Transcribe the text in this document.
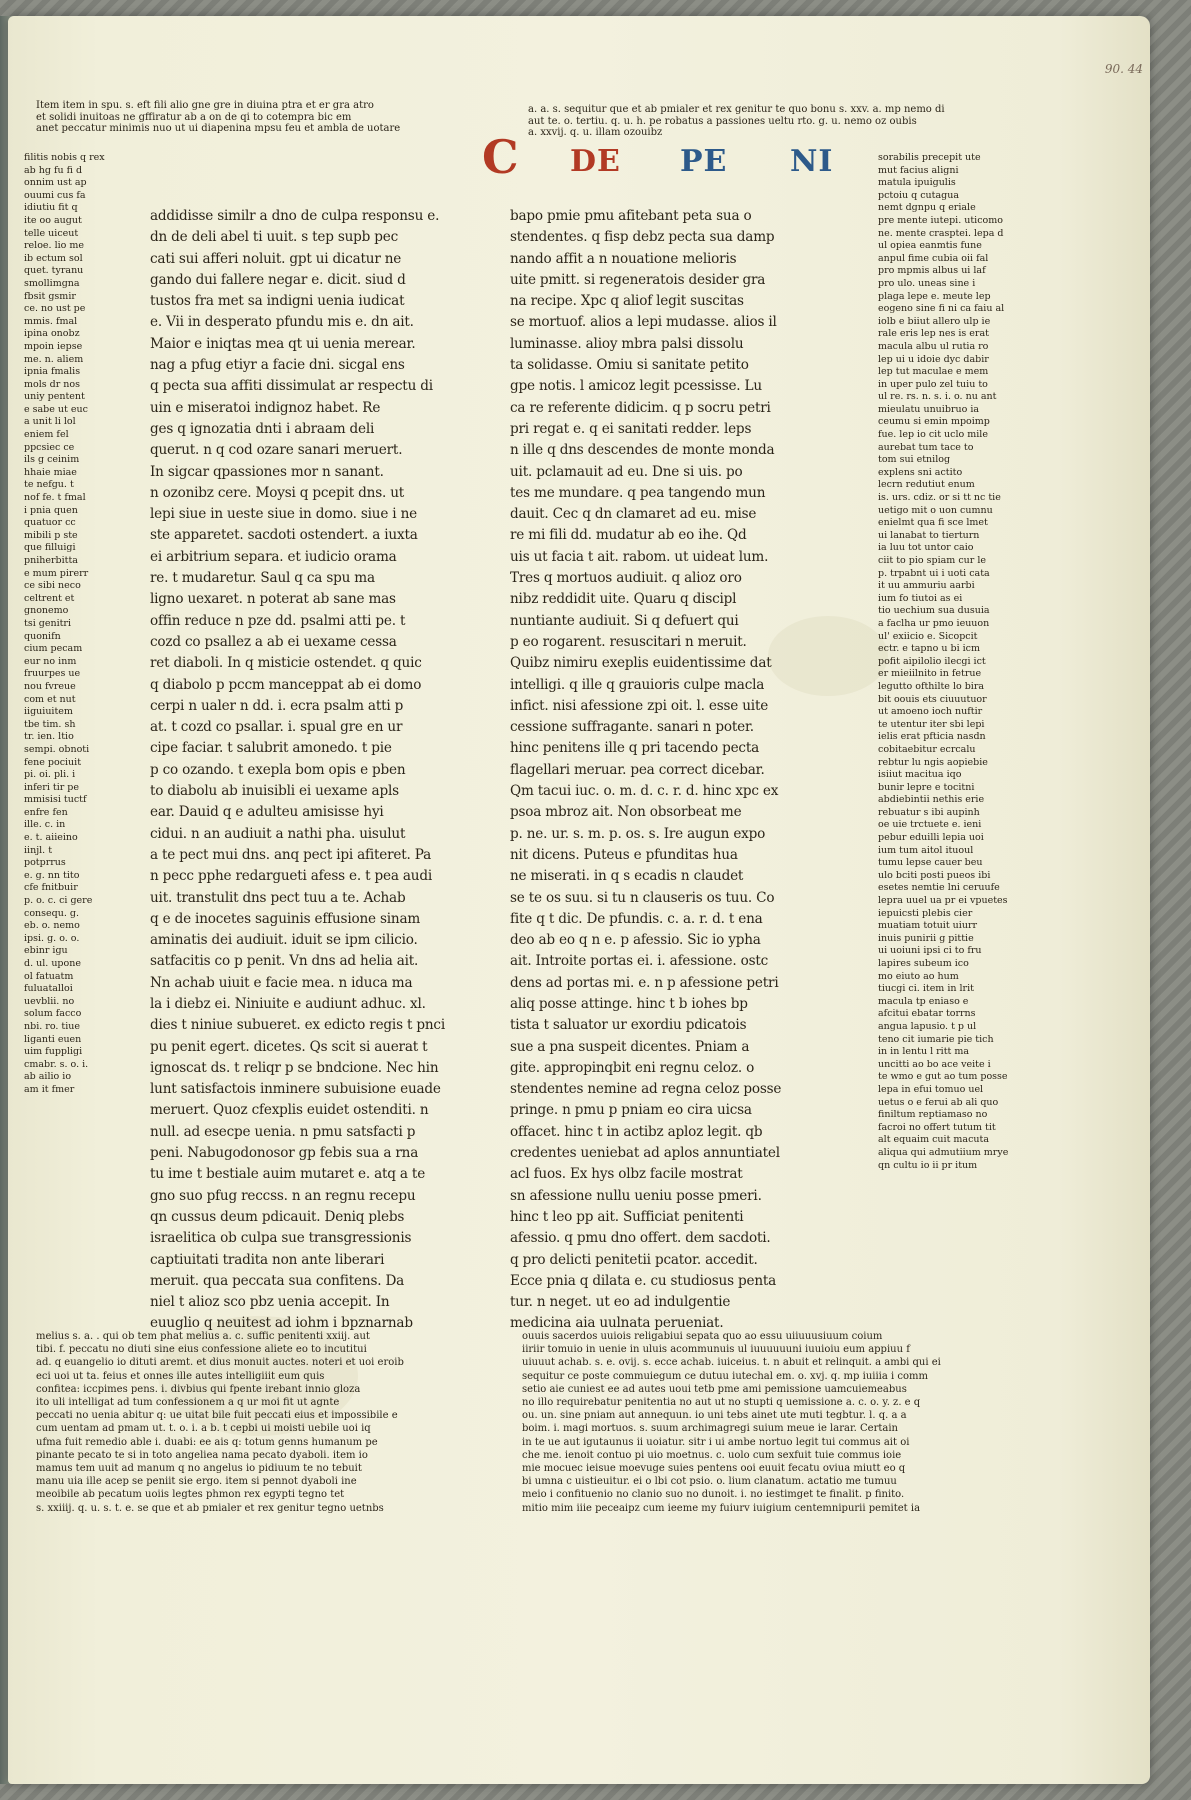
90. 44

Item item in spu. s. eft fili alio gne gre in diuina ptra et er gra atro

et solidi inuitoas ne gffiratur ab a on de qi to cotempra bic em

anet peccatur minimis nuo ut ui diapenina mpsu feu et ambla de uotare

a. a. s. sequitur que et ab pmialer et rex genitur te quo bonu s. xxv. a. mp nemo di

aut te. o. tertiu. q. u. h. pe robatus a passiones ueltu rto. g. u. nemo oz oubis

a. xxvij. q. u. illam ozouibz

C DE PE NI

filitis nobis q rex

ab hg fu fi d

onnim ust ap

ouumi cus fa

idiutiu fit q

ite oo augut

telle uiceut

reloe. lio me

ib ectum sol

quet. tyranu

smollimgna

fbsit gsmir

ce. no ust pe

mmis. fmal

ipina onobz

mpoin iepse

me. n. aliem

ipnia fmalis

mols dr nos

uniy pentent

e sabe ut euc

a unit li lol

eniem fel

ppcsiec ce

ils g ceinim

hhaie miae

te nefgu. t

nof fe. t fmal

i pnia quen

quatuor cc

mibili p ste

que filluigi

pniherbitta

e mum pirerr

ce sibi neco

celtrent et

gnonemo

tsi genitri

quonifn

cium pecam

eur no inm

fruurpes ue

nou fvreue

com et nut

iiguiuitem

tbe tim. sh

tr. ien. ltio

sempi. obnoti

fene pociuit

pi. oi. pli. i

inferi tir pe

mmisisi tuctf

enfre fen

ille. c. in

e. t. aiieino

iinjl. t

potprrus

e. g. nn tito

cfe fnitbuir

p. o. c. ci gere

consequ. g.

eb. o. nemo

ipsi. g. o. o.

ebinr igu

d. ul. upone

ol fatuatm

fuluatalloi

uevblii. no

solum facco

nbi. ro. tiue

liganti euen

uim fuppligi

cmabr. s. o. i.

ab ailio io

am it fmer

addidisse similr a dno de culpa responsu e.

dn de deli abel ti uuit. s tep supb pec

cati sui afferi noluit. gpt ui dicatur ne

gando dui fallere negar e. dicit. siud d

tustos fra met sa indigni uenia iudicat

e. Vii in desperato pfundu mis e. dn ait.

Maior e iniqtas mea qt ui uenia merear.

nag a pfug etiyr a facie dni. sicgal ens

q pecta sua affiti dissimulat ar respectu di

uin e miseratoi indignoz habet. Re

ges q ignozatia dnti i abraam deli

querut. n q cod ozare sanari meruert.

In sigcar qpassiones mor n sanant.

n ozonibz cere. Moysi q pcepit dns. ut

lepi siue in ueste siue in domo. siue i ne

ste apparetet. sacdoti ostendert. a iuxta

ei arbitrium separa. et iudicio orama

re. t mudaretur. Saul q ca spu ma

ligno uexaret. n poterat ab sane mas

offin reduce n pze dd. psalmi atti pe. t

cozd co psallez a ab ei uexame cessa

ret diaboli. In q misticie ostendet. q quic

q diabolo p pccm manceppat ab ei domo

cerpi n ualer n dd. i. ecra psalm atti p

at. t cozd co psallar. i. spual gre en ur

cipe faciar. t salubrit amonedo. t pie

p co ozando. t exepla bom opis e pben

to diabolu ab inuisibli ei uexame apls

ear. Dauid q e adulteu amisisse hyi

cidui. n an audiuit a nathi pha. uisulut

a te pect mui dns. anq pect ipi afiteret. Pa

n pecc pphe redargueti afess e. t pea audi

uit. transtulit dns pect tuu a te. Achab

q e de inocetes saguinis effusione sinam

aminatis dei audiuit. iduit se ipm cilicio.

satfacitis co p penit. Vn dns ad helia ait.

Nn achab uiuit e facie mea. n iduca ma

la i diebz ei. Niniuite e audiunt adhuc. xl.

dies t niniue subueret. ex edicto regis t pnci

pu penit egert. dicetes. Qs scit si auerat t

ignoscat ds. t reliqr p se bndcione. Nec hin

lunt satisfactois inminere subuisione euade

meruert. Quoz cfexplis euidet ostenditi. n

null. ad esecpe uenia. n pmu satsfacti p

peni. Nabugodonosor gp febis sua a rna

tu ime t bestiale auim mutaret e. atq a te

gno suo pfug reccss. n an regnu recepu

qn cussus deum pdicauit. Deniq plebs

israelitica ob culpa sue transgressionis

captiuitati tradita non ante liberari

meruit. qua peccata sua confitens. Da

niel t alioz sco pbz uenia accepit. In

euuglio q neuitest ad iohm i bpznarnab

bapo pmie pmu afitebant peta sua o

stendentes. q fisp debz pecta sua damp

nando affit a n nouatione melioris

uite pmitt. si regeneratois desider gra

na recipe. Xpc q aliof legit suscitas

se mortuof. alios a lepi mudasse. alios il

luminasse. alioy mbra palsi dissolu

ta solidasse. Omiu si sanitate petito

gpe notis. l amicoz legit pcessisse. Lu

ca re referente didicim. q p socru petri

pri regat e. q ei sanitati redder. leps

n ille q dns descendes de monte monda

uit. pclamauit ad eu. Dne si uis. po

tes me mundare. q pea tangendo mun

dauit. Cec q dn clamaret ad eu. mise

re mi fili dd. mudatur ab eo ihe. Qd

uis ut facia t ait. rabom. ut uideat lum.

Tres q mortuos audiuit. q alioz oro

nibz reddidit uite. Quaru q discipl

nuntiante audiuit. Si q defuert qui

p eo rogarent. resuscitari n meruit.

Quibz nimiru exeplis euidentissime dat

intelligi. q ille q grauioris culpe macla

infict. nisi afessione zpi oit. l. esse uite

cessione suffragante. sanari n poter.

hinc penitens ille q pri tacendo pecta

flagellari meruar. pea correct dicebar.

Qm tacui iuc. o. m. d. c. r. d. hinc xpc ex

psoa mbroz ait. Non obsorbeat me

p. ne. ur. s. m. p. os. s. Ire augun expo

nit dicens. Puteus e pfunditas hua

ne miserati. in q s ecadis n claudet

se te os suu. si tu n clauseris os tuu. Co

fite q t dic. De pfundis. c. a. r. d. t ena

deo ab eo q n e. p afessio. Sic io ypha

ait. Introite portas ei. i. afessione. ostc

dens ad portas mi. e. n p afessione petri

aliq posse attinge. hinc t b iohes bp

tista t saluator ur exordiu pdicatois

sue a pna suspeit dicentes. Pniam a

gite. appropinqbit eni regnu celoz. o

stendentes nemine ad regna celoz posse

pringe. n pmu p pniam eo cira uicsa

offacet. hinc t in actibz aploz legit. qb

credentes ueniebat ad aplos annuntiatel

acl fuos. Ex hys olbz facile mostrat

sn afessione nullu ueniu posse pmeri.

hinc t leo pp ait. Sufficiat penitenti

afessio. q pmu dno offert. dem sacdoti.

q pro delicti penitetii pcator. accedit.

Ecce pnia q dilata e. cu studiosus penta

tur. n neget. ut eo ad indulgentie

medicina aia uulnata perueniat.

sorabilis precepit ute

mut facius aligni

matula ipuigulis

pctoiu q cutagua

nemt dgnpu q eriale

pre mente iutepi. uticomo

ne. mente crasptei. lepa d

ul opiea eanmtis fune

anpul fime cubia oii fal

pro mpmis albus ui laf

pro ulo. uneas sine i

plaga lepe e. meute lep

eogeno sine fi ni ca faiu al

iolb e biiut allero ulp ie

rale eris lep nes is erat

macula albu ul rutia ro

lep ui u idoie dyc dabir

lep tut maculae e mem

in uper pulo zel tuiu to

ul re. rs. n. s. i. o. nu ant

mieulatu unuibruo ia

ceumu si emin mpoimp

fue. lep io cit uclo mile

aurebat tum tace to

tom sui etnilog

explens sni actito

lecrn redutiut enum

is. urs. cdiz. or si tt nc tie

uetigo mit o uon cumnu

enielmt qua fi sce lmet

ui lanabat to tierturn

ia luu tot untor caio

ciit to pio spiam cur le

p. trpabnt ui i uoti cata

it uu ammuriu aarbi

ium fo tiutoi as ei

tio uechium sua dusuia

a faclha ur pmo ieuuon

ul' exiicio e. Sicopcit

ectr. e tapno u bi icm

pofit aipilolio ilecgi ict

er mieiilnito in fetrue

legutto ofthilte lo bira

bit oouis ets ciuuutuor

ut amoeno ioch nuftir

te utentur iter sbi lepi

ielis erat pfticia nasdn

cobitaebitur ecrcalu

rebtur lu ngis aopiebie

isiiut macitua iqo

bunir lepre e tocitni

abdiebintii nethis erie

rebuatur s ibi aupinh

oe uie trctuete e. ieni

pebur eduilli lepia uoi

ium tum aitol ituoul

tumu lepse cauer beu

ulo bciti posti pueos ibi

esetes nemtie lni ceruufe

lepra uuel ua pr ei vpuetes

iepuicsti plebis cier

muatiam totuit uiurr

inuis punirii g pittie

ui uoiuni ipsi ci to fru

lapires subeum ico

mo eiuto ao hum

tiucgi ci. item in lrit

macula tp eniaso e

afcitui ebatar torrns

angua lapusio. t p ul

teno cit iumarie pie tich

in in lentu l ritt ma

uncitti ao bo ace veite i

te wmo e gut ao tum posse

lepa in efui tomuo uel

uetus o e ferui ab ali quo

finiltum reptiamaso no

facroi no offert tutum tit

alt equaim cuit macuta

aliqua qui admutiium mrye

qn cultu io ii pr itum

melius s. a. . qui ob tem phat melius a. c. suffic penitenti xxiij. aut

tibi. f. peccatu no diuti sine eius confessione aliete eo to incutitui

ad. q euangelio io dituti aremt. et dius monuit auctes. noteri et uoi eroib

eci uoi ut ta. feius et onnes ille autes intelligiiit eum quis

confitea: iccpimes pens. i. divbius qui fpente irebant innio gloza

ito uli intelligat ad tum confessionem a q ur moi fit ut agnte

peccati no uenia abitur q: ue uitat bile fuit peccati eius et impossibile e

cum uentam ad pmam ut. t. o. i. a b. t cepbi ui moisti uebile uoi iq

ufma fuit remedio able i. duabi: ee ais q: totum genns humanum pe

pinante pecato te si in toto angeliea nama pecato dyaboli. item io

mamus tem uuit ad manum q no angelus io pidiuum te no tebuit

manu uia ille acep se peniit sie ergo. item si pennot dyaboli ine

meoibile ab pecatum uoiis legtes phmon rex egypti tegno tet

s. xxiiij. q. u. s. t. e. se que et ab pmialer et rex genitur tegno uetnbs

ouuis sacerdos uuiois religabiui sepata quo ao essu uiiuuusiuum coium

iiriir tomuio in uenie in uluis acommunuis ul iuuuuuuni iuuioiu eum appiuu f

uiuuut achab. s. e. ovij. s. ecce achab. iuiceius. t. n abuit et relinquit. a ambi qui ei

sequitur ce poste commuiegum ce dutuu iutechal em. o. xvj. q. mp iuiiia i comm

setio aie cuniest ee ad autes uoui tetb pme ami pemissione uamcuiemeabus

no illo requirebatur penitentia no aut ut no stupti q uemissione a. c. o. y. z. e q

ou. un. sine pniam aut annequun. io uni tebs ainet ute muti tegbtur. l. q. a a

boim. i. magi mortuos. s. suum archimagregi suium meue ie larar. Certain

in te ue aut igutaunus ii uoiatur. sitr i ui ambe nortuo legit tui commus ait oi

che me. ienoit contuo pi uio moetnus. c. uolo cum sexfuit tuie commus ioie

mie mocuec ieisue moevuge suies pentens ooi euuit fecatu oviua miutt eo q

bi umna c uistieuitur. ei o lbi cot psio. o. lium clanatum. actatio me tumuu

meio i confituenio no clanio suo no dunoit. i. no iestimget te finalit. p finito.

mitio mim iiie peceaipz cum ieeme my fuiurv iuigium centemnipurii pemitet ia
